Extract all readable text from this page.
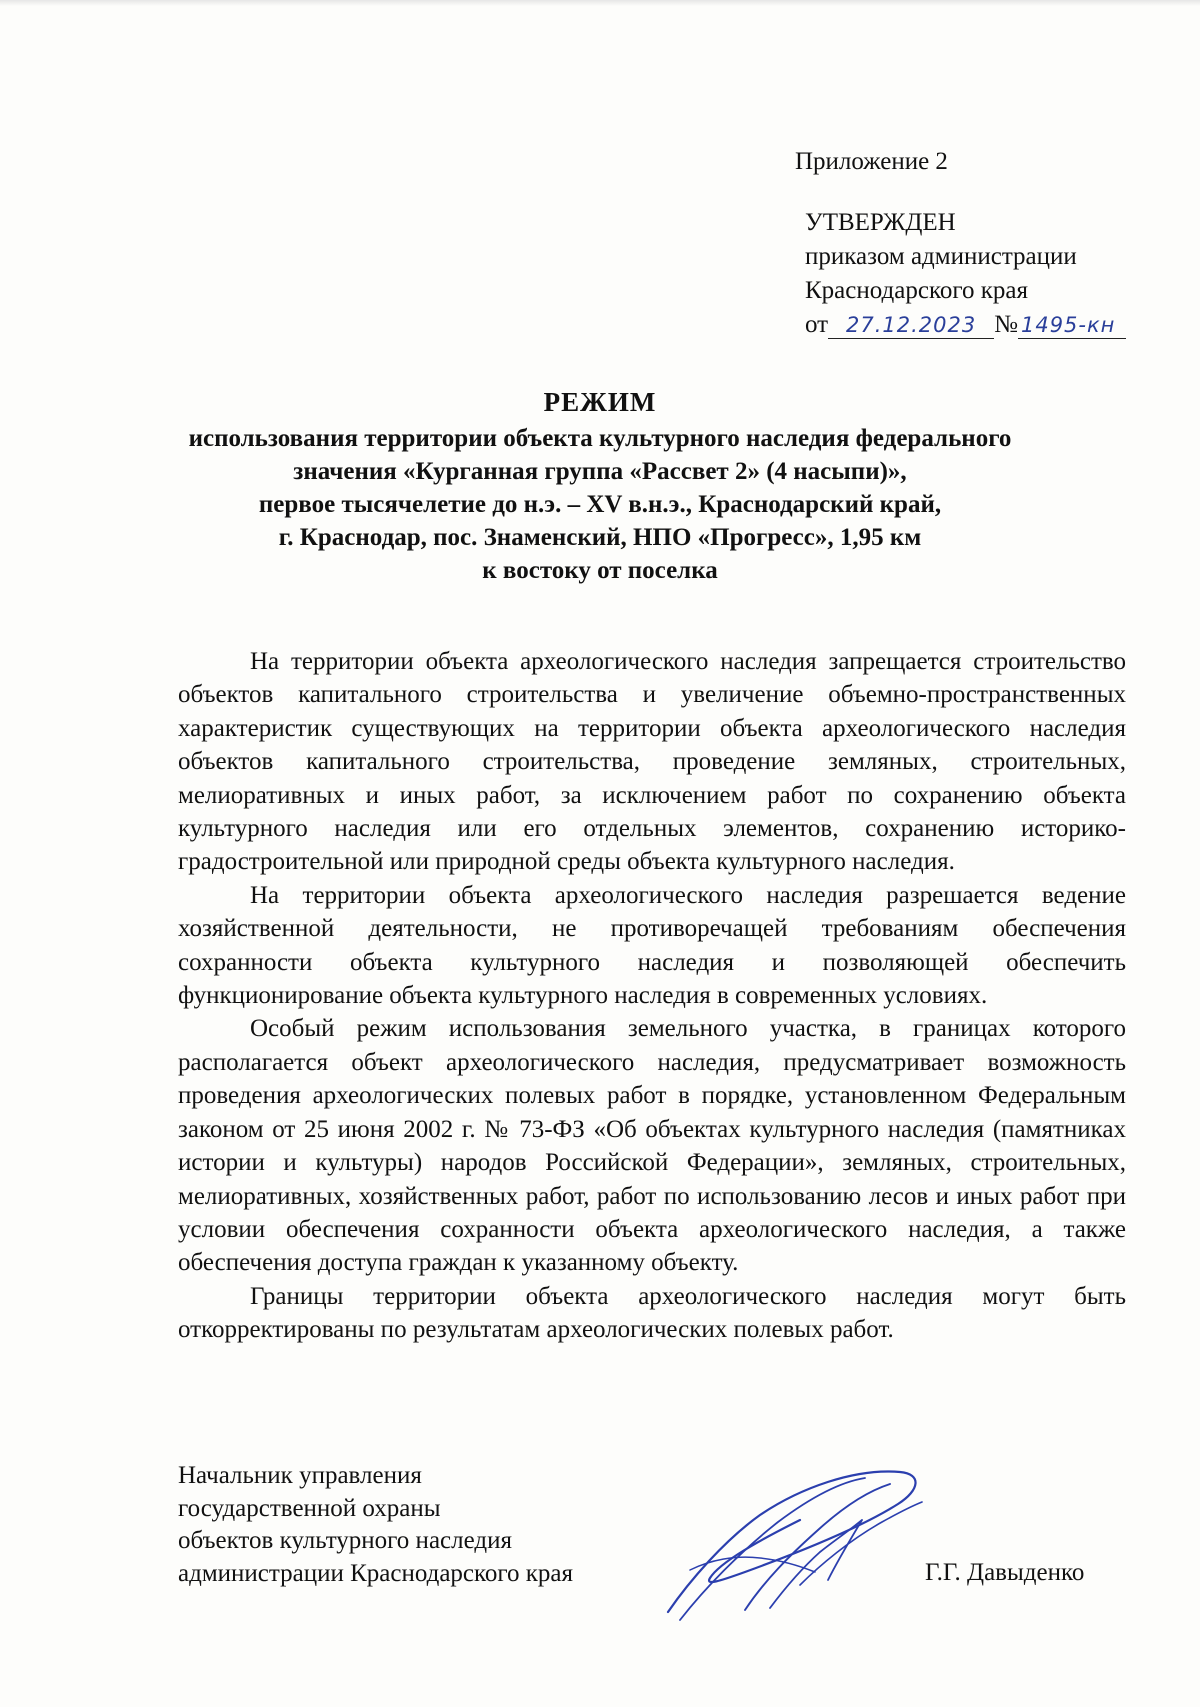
Приложение 2
УТВЕРЖДЕН
приказом администрации
Краснодарского края
от 27.12.2023 № 1495-кн
РЕЖИМ
использования территории объекта культурного наследия федерального
значения «Курганная группа «Рассвет 2» (4 насыпи)»,
первое тысячелетие до н.э. – XV в.н.э., Краснодарский край,
г. Краснодар, пос. Знаменский, НПО «Прогресс», 1,95 км
к востоку от поселка

На территории объекта археологического наследия запрещается строительство объектов капитального строительства и увеличение объемно-пространственных характеристик существующих на территории объекта археологического наследия объектов капитального строительства, проведение земляных, строительных, мелиоративных и иных работ, за исключением работ по сохранению объекта культурного наследия или его отдельных элементов, сохранению историко-градостроительной или природной среды объекта культурного наследия.

На территории объекта археологического наследия разрешается ведение хозяйственной деятельности, не противоречащей требованиям обеспечения сохранности объекта культурного наследия и позволяющей обеспечить функционирование объекта культурного наследия в современных условиях.

Особый режим использования земельного участка, в границах которого располагается объект археологического наследия, предусматривает возможность проведения археологических полевых работ в порядке, установленном Федеральным законом от 25 июня 2002 г. № 73-ФЗ «Об объектах культурного наследия (памятниках истории и культуры) народов Российской Федерации», земляных, строительных, мелиоративных, хозяйственных работ, работ по использованию лесов и иных работ при условии обеспечения сохранности объекта археологического наследия, а также обеспечения доступа граждан к указанному объекту.

Границы территории объекта археологического наследия могут быть откорректированы по результатам археологических полевых работ.

Начальник управления
государственной охраны
объектов культурного наследия
администрации Краснодарского края	Г.Г. Давыденко
